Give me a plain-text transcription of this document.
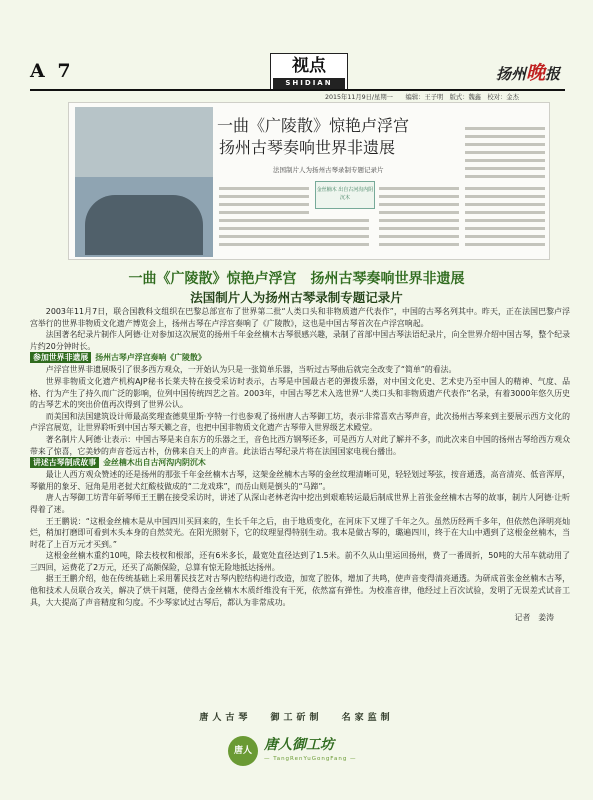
A 7	视点
SHIDIAN	扬州晚报
2015年11月9日/星期一　　编辑：王子明　版式：魏鑫　校对：金杰
一曲《广陵散》惊艳卢浮宫
扬州古琴奏响世界非遗展
法国制片人为扬州古琴录制专题记录片
金丝楠木 出自古河沟内阴沉木
一曲《广陵散》惊艳卢浮宫　扬州古琴奏响世界非遗展
法国制片人为扬州古琴录制专题记录片

2003年11月7日，联合国教科文组织在巴黎总部宣布了世界第二批“人类口头和非物质遗产代表作”，中国的古琴名列其中。昨天，正在法国巴黎卢浮宫举行的世界非物质文化遗产博览会上，扬州古琴在卢浮宫奏响了《广陵散》，这也是中国古琴首次在卢浮宫响起。

法国著名纪录片制作人阿德·让对参加这次展览的扬州千年金丝楠木古琴很感兴趣，录制了首部中国古琴法语纪录片，向全世界介绍中国古琴，整个纪录片约20分钟时长。

参加世界非遗展 扬州古琴卢浮宫奏响《广陵散》

卢浮宫世界非遗展吸引了很多西方观众，一开始认为只是一张简单乐器，当听过古琴曲后就完全改变了“简单”的看法。

世界非物质文化遗产机构AJP秘书长莱夫特在接受采访时表示，古琴是中国最古老的弹拨乐器，对中国文化史、艺术史乃至中国人的精神、气度、品格、行为产生了持久而广泛的影响，位列中国传统四艺之首。2003年，中国古琴艺术入选世界“人类口头和非物质遗产代表作”名录，有着3000年悠久历史的古琴艺术的突出价值再次得到了世界公认。

而美国和法国建筑设计师最高奖理查德莫里斯·亨特一行也参观了扬州唐人古琴御工坊，表示非常喜欢古琴声音，此次扬州古琴来到主要展示西方文化的卢浮宫展览，让世界聆听到中国古琴天籁之音，也把中国非物质文化遗产古琴带入世界级艺术殿堂。

著名制片人阿德·让表示：中国古琴是来自东方的乐器之王，音色比西方钢琴还多，可是西方人对此了解并不多，而此次来自中国的扬州古琴给西方观众带来了惊喜，它美妙的声音苍远古朴，仿佛来自天上的声音。此法语古琴纪录片将在法国国家电视台播出。

讲述古琴制成故事 金丝楠木出自古河沟内阴沉木

最让人西方观众赞述的还是扬州的那张千年金丝楠木古琴，这架金丝楠木古琴的金丝纹理清晰可见，轻轻划过琴弦，按音通透，高音清亮、低音浑厚，琴徽用的象牙、冠角是用老挝犬红酸枝做成的“二龙戏珠”，而岳山则是倒头的“马蹄”。

唐人古琴御工坊青年斫琴师王王鹏在接受采访时，讲述了从深山老林老沟中挖出到艰难转运最后制成世界上首张金丝楠木古琴的故事，制片人阿德·让听得着了迷。

王王鹏说：“这根金丝楠木是从中国四川买回来的，生长千年之后，由于地质变化，在河床下又埋了千年之久。虽然历经两千多年，但依然色泽明亮灿烂，稍加打磨即可看到木头本身的自然荧光。在阳光照射下，它的纹理显得特别生动。我本是做古琴的，璐遍四川，终于在大山中遇到了这根金丝楠木，当时花了上百万元才买到。”

这根金丝楠木重约10吨，除去枝杈和根部，还有6米多长，最宽处直径达到了1.5米。前不久从山里运回扬州，费了一番周折，50吨的大吊车就动用了三四回，运费花了2万元，还买了高额保险，总算有惊无险地抵达扬州。

据王王鹏介绍，他在传统基础上采用薯民技艺对古琴内腔结构进行改造，加宽了腔体，增加了共鸣，使声音变得清亮通透。为研成首张金丝楠木古琴，他和技术人员联合攻关，解决了烘干问题，使得古金丝楠木木质纤维没有干死，依然富有弹性。为校准音律，他经过上百次试验，发明了无误差式试音工具，大大提高了声音精度和匀度。不少琴家试过古琴后，都认为非常成功。

记者　姜涛
唐人古琴 御工斫制 名家监制
唐人 唐人御工坊
— TangRenYuGongFang —
